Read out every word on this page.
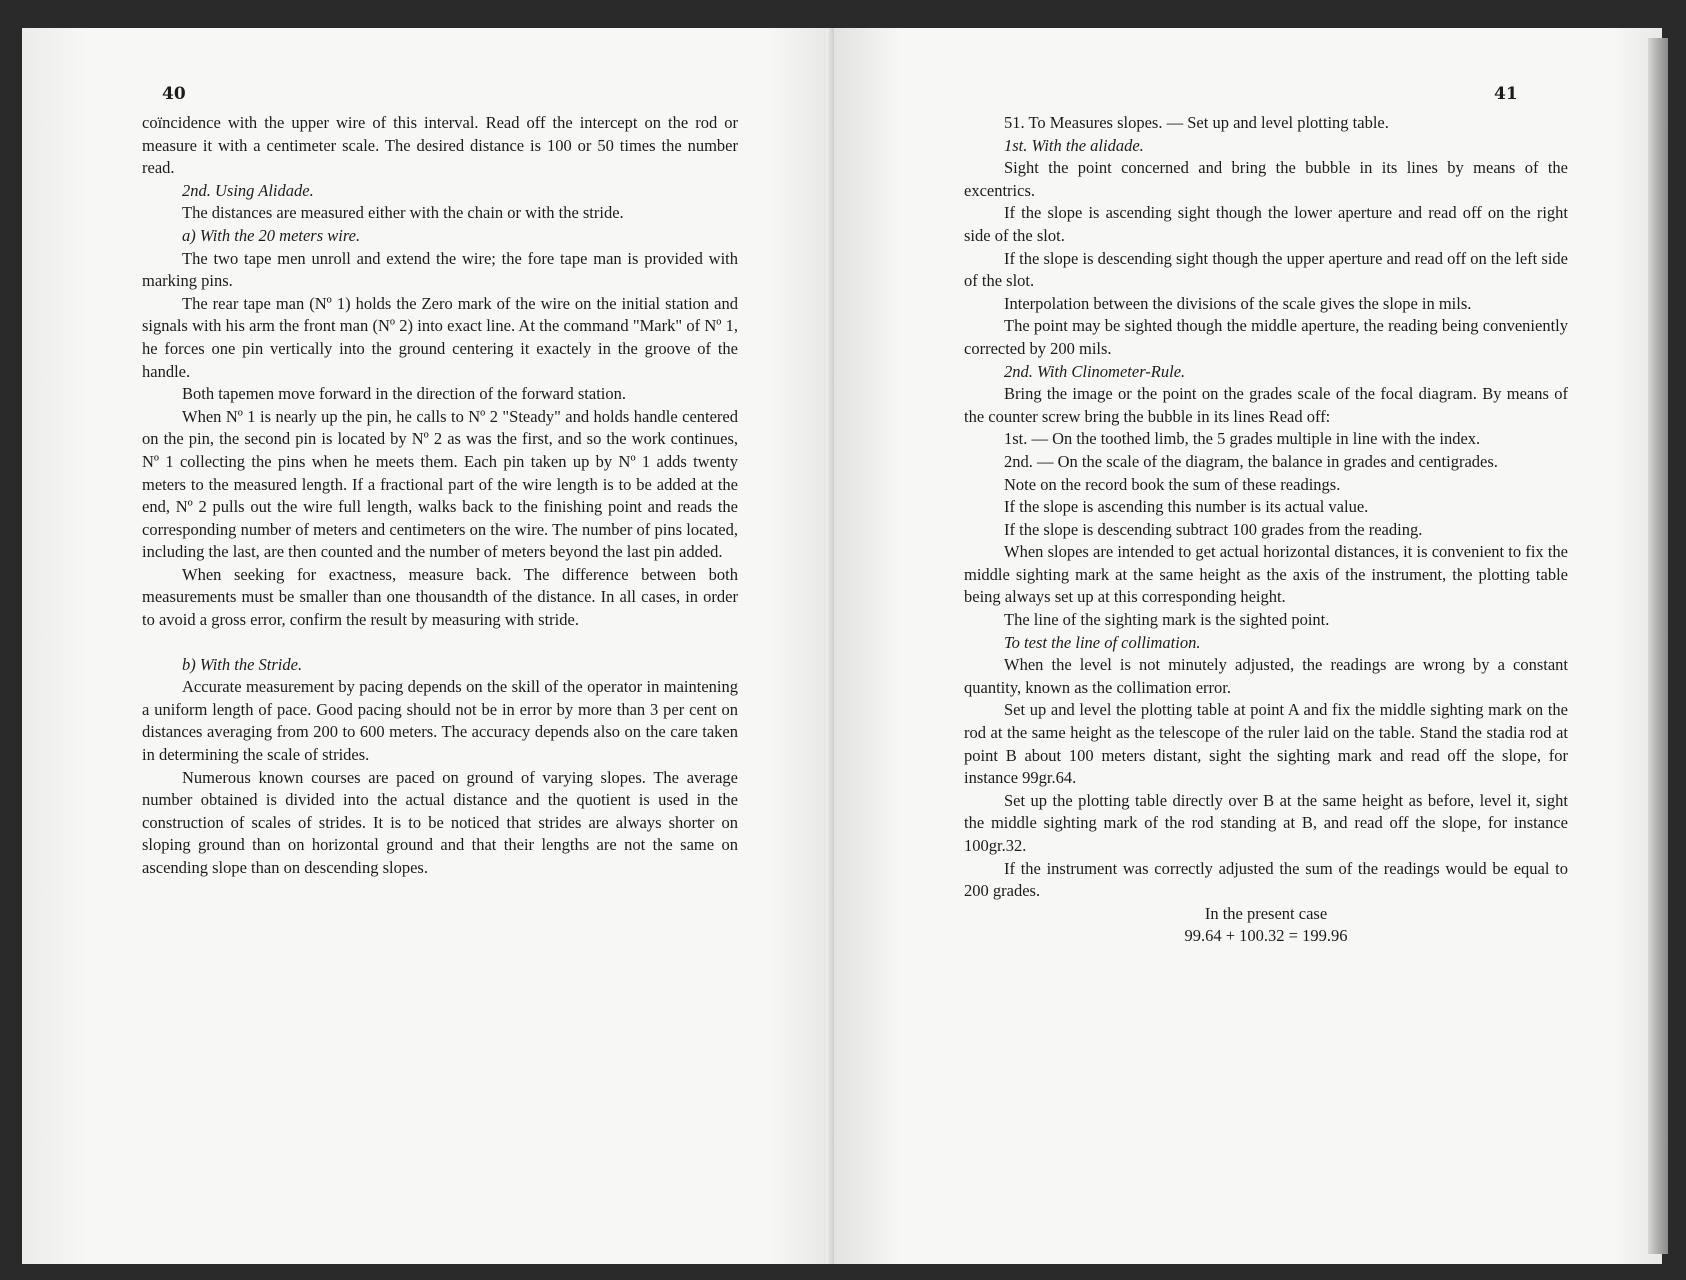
40

coïncidence with the upper wire of this interval. Read off the intercept on the rod or measure it with a centimeter scale. The desired distance is 100 or 50 times the number read.

2nd. Using Alidade.

The distances are measured either with the chain or with the stride.

a) With the 20 meters wire.

The two tape men unroll and extend the wire; the fore tape man is provided with marking pins.

The rear tape man (Nº 1) holds the Zero mark of the wire on the initial station and signals with his arm the front man (Nº 2) into exact line. At the command "Mark" of Nº 1, he forces one pin vertically into the ground centering it exactely in the groove of the handle.

Both tapemen move forward in the direction of the forward station.

When Nº 1 is nearly up the pin, he calls to Nº 2 "Steady" and holds handle centered on the pin, the second pin is located by Nº 2 as was the first, and so the work continues, Nº 1 collecting the pins when he meets them. Each pin taken up by Nº 1 adds twenty meters to the measured length. If a fractional part of the wire length is to be added at the end, Nº 2 pulls out the wire full length, walks back to the finishing point and reads the corresponding number of meters and centimeters on the wire. The number of pins located, including the last, are then counted and the number of meters beyond the last pin added.

When seeking for exactness, measure back. The difference between both measurements must be smaller than one thousandth of the distance. In all cases, in order to avoid a gross error, confirm the result by measuring with stride.

b) With the Stride.

Accurate measurement by pacing depends on the skill of the operator in maintening a uniform length of pace. Good pacing should not be in error by more than 3 per cent on distances averaging from 200 to 600 meters. The accuracy depends also on the care taken in determining the scale of strides.

Numerous known courses are paced on ground of varying slopes. The average number obtained is divided into the actual distance and the quotient is used in the construction of scales of strides. It is to be noticed that strides are always shorter on sloping ground than on horizontal ground and that their lengths are not the same on ascending slope than on descending slopes.

41

51. To Measures slopes. — Set up and level plotting table.

1st. With the alidade.

Sight the point concerned and bring the bubble in its lines by means of the excentrics.

If the slope is ascending sight though the lower aperture and read off on the right side of the slot.

If the slope is descending sight though the upper aperture and read off on the left side of the slot.

Interpolation between the divisions of the scale gives the slope in mils.

The point may be sighted though the middle aperture, the reading being conveniently corrected by 200 mils.

2nd. With Clinometer-Rule.

Bring the image or the point on the grades scale of the focal diagram. By means of the counter screw bring the bubble in its lines Read off:

1st. — On the toothed limb, the 5 grades multiple in line with the index.

2nd. — On the scale of the diagram, the balance in grades and centigrades.

Note on the record book the sum of these readings.

If the slope is ascending this number is its actual value.

If the slope is descending subtract 100 grades from the reading.

When slopes are intended to get actual horizontal distances, it is convenient to fix the middle sighting mark at the same height as the axis of the instrument, the plotting table being always set up at this corresponding height.

The line of the sighting mark is the sighted point.

To test the line of collimation.

When the level is not minutely adjusted, the readings are wrong by a constant quantity, known as the collimation error.

Set up and level the plotting table at point A and fix the middle sighting mark on the rod at the same height as the telescope of the ruler laid on the table. Stand the stadia rod at point B about 100 meters distant, sight the sighting mark and read off the slope, for instance 99gr.64.

Set up the plotting table directly over B at the same height as before, level it, sight the middle sighting mark of the rod standing at B, and read off the slope, for instance 100gr.32.

If the instrument was correctly adjusted the sum of the readings would be equal to 200 grades.

In the present case

99.64 + 100.32 = 199.96
